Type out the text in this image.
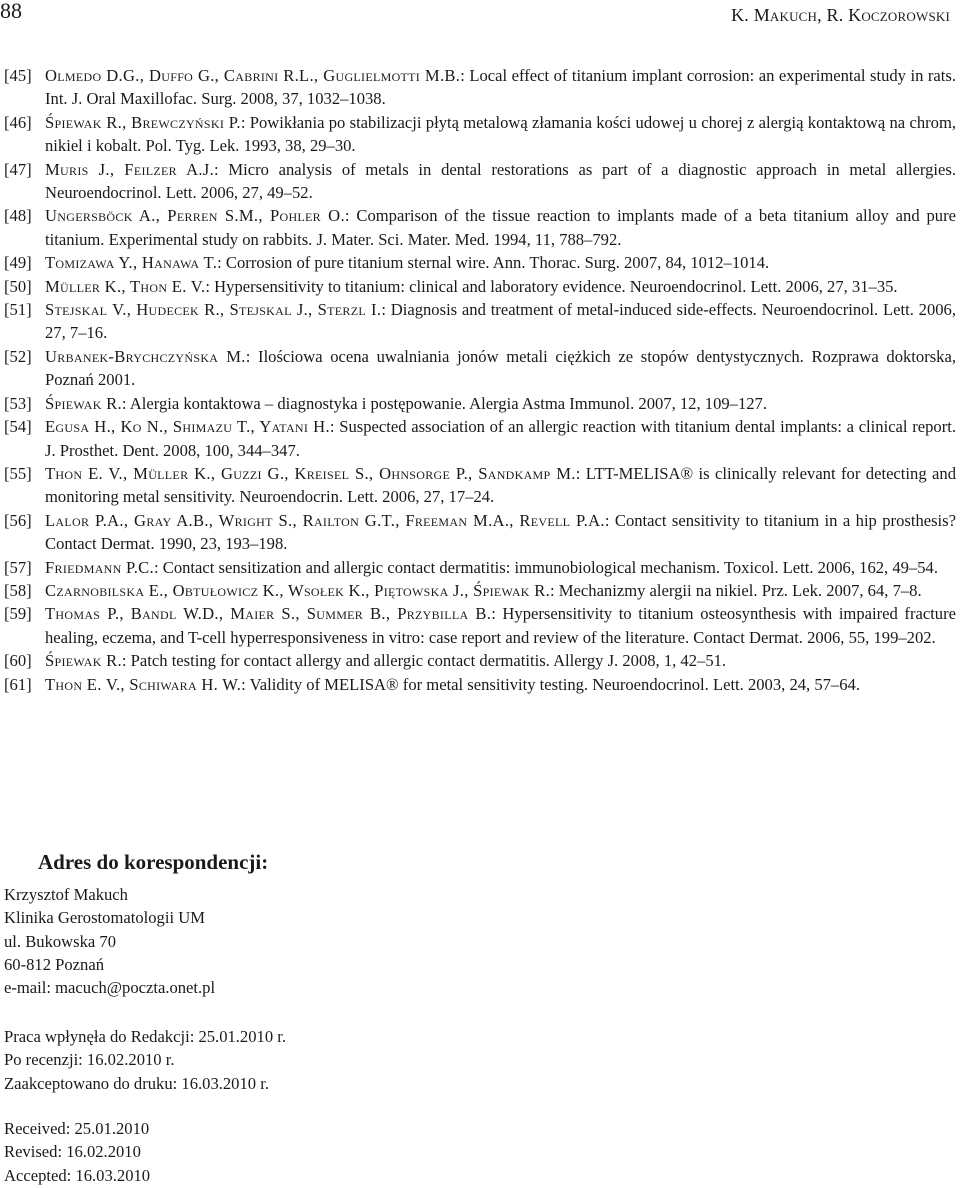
88	K. Makuch, R. Koczorowski

[45] Olmedo D.G., Duffo G., Cabrini R.L., Guglielmotti M.B.: Local effect of titanium implant corrosion: an experimental study in rats. Int. J. Oral Maxillofac. Surg. 2008, 37, 1032–1038.

[46] Śpiewak R., Brewczyński P.: Powikłania po stabilizacji płytą metalową złamania kości udowej u chorej z alergią kontaktową na chrom, nikiel i kobalt. Pol. Tyg. Lek. 1993, 38, 29–30.

[47] Muris J., Feilzer A.J.: Micro analysis of metals in dental restorations as part of a diagnostic approach in metal allergies. Neuroendocrinol. Lett. 2006, 27, 49–52.

[48] Ungersböck A., Perren S.M., Pohler O.: Comparison of the tissue reaction to implants made of a beta titanium alloy and pure titanium. Experimental study on rabbits. J. Mater. Sci. Mater. Med. 1994, 11, 788–792.

[49] Tomizawa Y., Hanawa T.: Corrosion of pure titanium sternal wire. Ann. Thorac. Surg. 2007, 84, 1012–1014.

[50] Müller K., Thon E. V.: Hypersensitivity to titanium: clinical and laboratory evidence. Neuroendocrinol. Lett. 2006, 27, 31–35.

[51] Stejskal V., Hudecek R., Stejskal J., Sterzl I.: Diagnosis and treatment of metal-induced side-effects. Neuroendocrinol. Lett. 2006, 27, 7–16.

[52] Urbanek-Brychczyńska M.: Ilościowa ocena uwalniania jonów metali ciężkich ze stopów dentystycznych. Rozprawa doktorska, Poznań 2001.

[53] Śpiewak R.: Alergia kontaktowa – diagnostyka i postępowanie. Alergia Astma Immunol. 2007, 12, 109–127.

[54] Egusa H., Ko N., Shimazu T., Yatani H.: Suspected association of an allergic reaction with titanium dental implants: a clinical report. J. Prosthet. Dent. 2008, 100, 344–347.

[55] Thon E. V., Müller K., Guzzi G., Kreisel S., Ohnsorge P., Sandkamp M.: LTT-MELISA® is clinically relevant for detecting and monitoring metal sensitivity. Neuroendocrin. Lett. 2006, 27, 17–24.

[56] Lalor P.A., Gray A.B., Wright S., Railton G.T., Freeman M.A., Revell P.A.: Contact sensitivity to titanium in a hip prosthesis? Contact Dermat. 1990, 23, 193–198.

[57] Friedmann P.C.: Contact sensitization and allergic contact dermatitis: immunobiological mechanism. Toxicol. Lett. 2006, 162, 49–54.

[58] Czarnobilska E., Obtułowicz K., Wsołek K., Piętowska J., Śpiewak R.: Mechanizmy alergii na nikiel. Prz. Lek. 2007, 64, 7–8.

[59] Thomas P., Bandl W.D., Maier S., Summer B., Przybilla B.: Hypersensitivity to titanium osteosynthesis with impaired fracture healing, eczema, and T-cell hyperresponsiveness in vitro: case report and review of the literature. Contact Dermat. 2006, 55, 199–202.

[60] Śpiewak R.: Patch testing for contact allergy and allergic contact dermatitis. Allergy J. 2008, 1, 42–51.

[61] Thon E. V., Schiwara H. W.: Validity of MELISA® for metal sensitivity testing. Neuroendocrinol. Lett. 2003, 24, 57–64.

Adres do korespondencji:
Krzysztof Makuch
Klinika Gerostomatologii UM
ul. Bukowska 70
60-812 Poznań
e-mail: macuch@poczta.onet.pl
Praca wpłynęła do Redakcji: 25.01.2010 r.
Po recenzji: 16.02.2010 r.
Zaakceptowano do druku: 16.03.2010 r.
Received: 25.01.2010
Revised: 16.02.2010
Accepted: 16.03.2010
